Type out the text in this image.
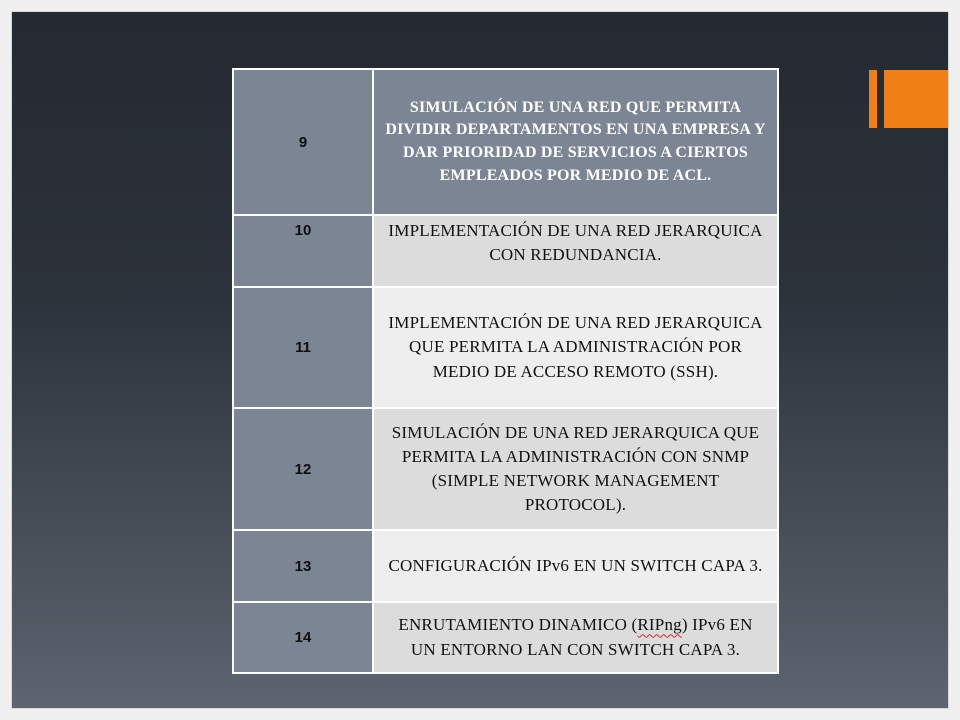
9	SIMULACIÓN DE UNA RED QUE PERMITA DIVIDIR DEPARTAMENTOS EN UNA EMPRESA Y DAR PRIORIDAD DE SERVICIOS A CIERTOS EMPLEADOS POR MEDIO DE ACL.
10	IMPLEMENTACIÓN DE UNA RED JERARQUICA CON REDUNDANCIA.
11	IMPLEMENTACIÓN DE UNA RED JERARQUICA QUE PERMITA LA ADMINISTRACIÓN POR MEDIO DE ACCESO REMOTO (SSH).
12	SIMULACIÓN DE UNA RED JERARQUICA QUE PERMITA LA ADMINISTRACIÓN CON SNMP (SIMPLE NETWORK MANAGEMENT PROTOCOL).
13	CONFIGURACIÓN IPv6 EN UN SWITCH CAPA 3.
14	ENRUTAMIENTO DINAMICO (RIPng) IPv6 EN UN ENTORNO LAN CON SWITCH CAPA 3.
